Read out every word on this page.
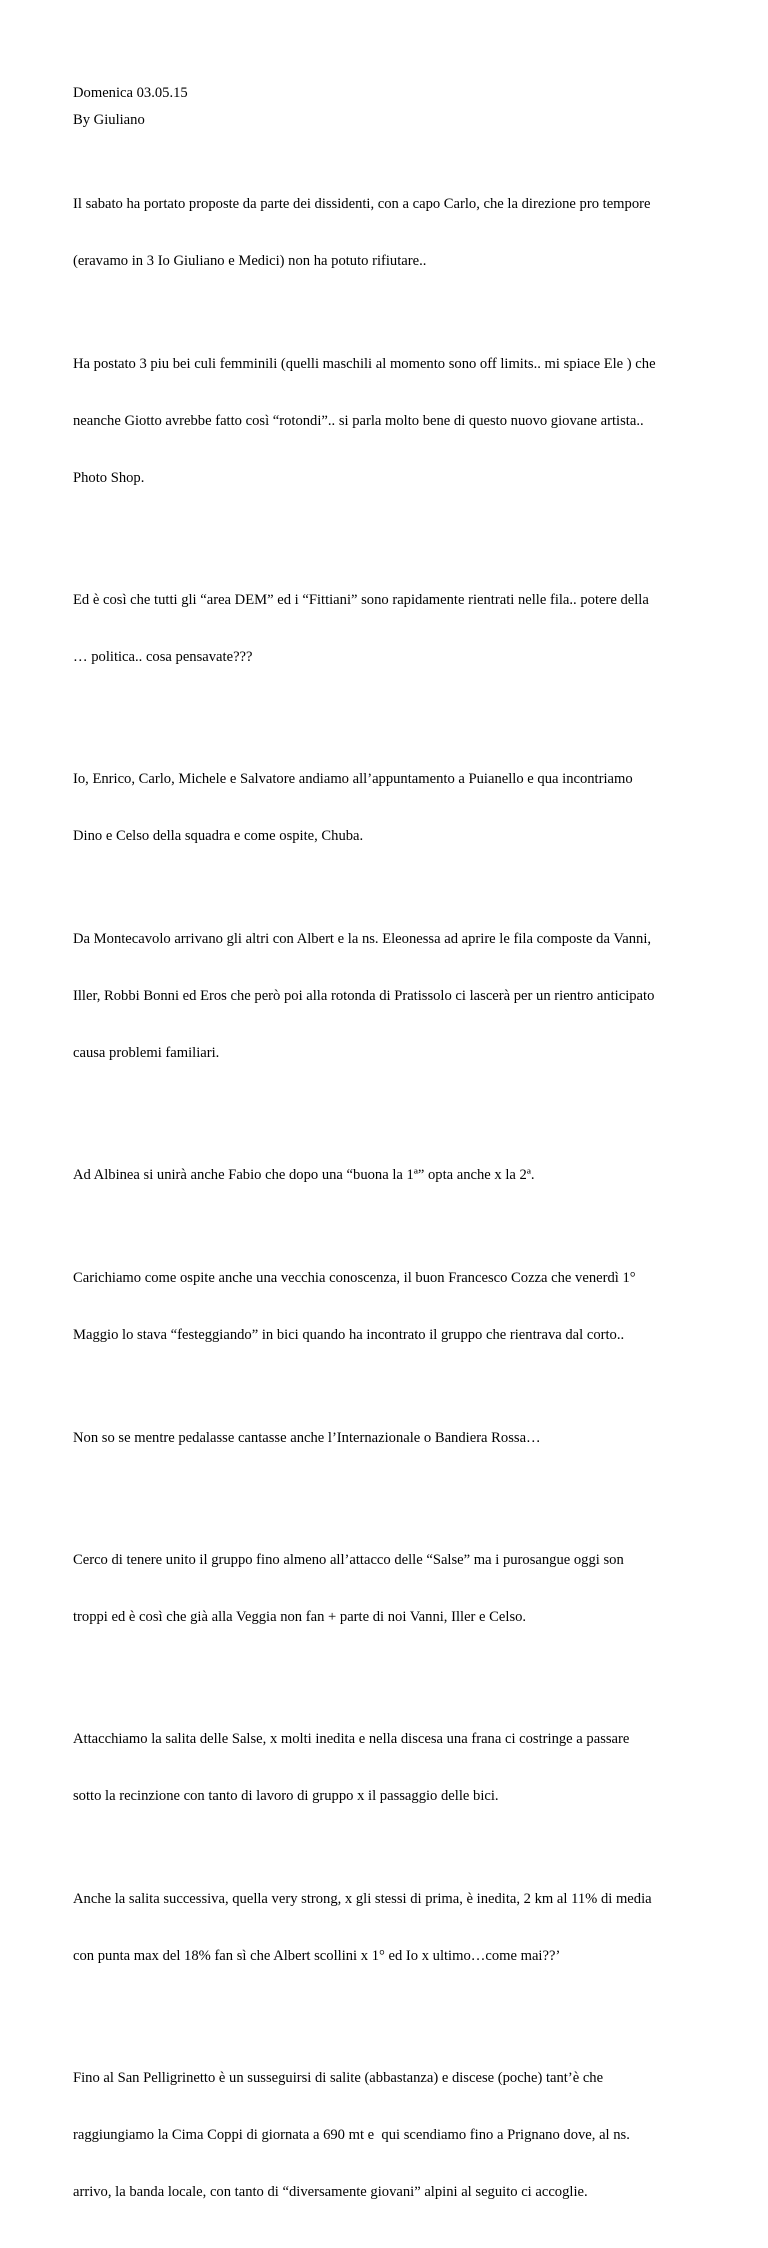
Domenica 03.05.15

By Giuliano

Il sabato ha portato proposte da parte dei dissidenti, con a capo Carlo, che la direzione pro tempore

(eravamo in 3 Io Giuliano e Medici) non ha potuto rifiutare..

Ha postato 3 piu bei culi femminili (quelli maschili al momento sono off limits.. mi spiace Ele ) che

neanche Giotto avrebbe fatto così “rotondi”.. si parla molto bene di questo nuovo giovane artista..

Photo Shop.

Ed è così che tutti gli “area DEM” ed i “Fittiani” sono rapidamente rientrati nelle fila.. potere della

… politica.. cosa pensavate???

Io, Enrico, Carlo, Michele e Salvatore andiamo all’appuntamento a Puianello e qua incontriamo

Dino e Celso della squadra e come ospite, Chuba.

Da Montecavolo arrivano gli altri con Albert e la ns. Eleonessa ad aprire le fila composte da Vanni,

Iller, Robbi Bonni ed Eros che però poi alla rotonda di Pratissolo ci lascerà per un rientro anticipato

causa problemi familiari.

Ad Albinea si unirà anche Fabio che dopo una “buona la 1ª” opta anche x la 2ª.

Carichiamo come ospite anche una vecchia conoscenza, il buon Francesco Cozza che venerdì 1°

Maggio lo stava “festeggiando” in bici quando ha incontrato il gruppo che rientrava dal corto..

Non so se mentre pedalasse cantasse anche l’Internazionale o Bandiera Rossa…

Cerco di tenere unito il gruppo fino almeno all’attacco delle “Salse” ma i purosangue oggi son

troppi ed è così che già alla Veggia non fan + parte di noi Vanni, Iller e Celso.

Attacchiamo la salita delle Salse, x molti inedita e nella discesa una frana ci costringe a passare

sotto la recinzione con tanto di lavoro di gruppo x il passaggio delle bici.

Anche la salita successiva, quella very strong, x gli stessi di prima, è inedita, 2 km al 11% di media

con punta max del 18% fan sì che Albert scollini x 1° ed Io x ultimo…come mai??’

Fino al San Pelligrinetto è un susseguirsi di salite (abbastanza) e discese (poche) tant’è che

raggiungiamo la Cima Coppi di giornata a 690 mt e  qui scendiamo fino a Prignano dove, al ns.

arrivo, la banda locale, con tanto di “diversamente giovani” alpini al seguito ci accoglie.
